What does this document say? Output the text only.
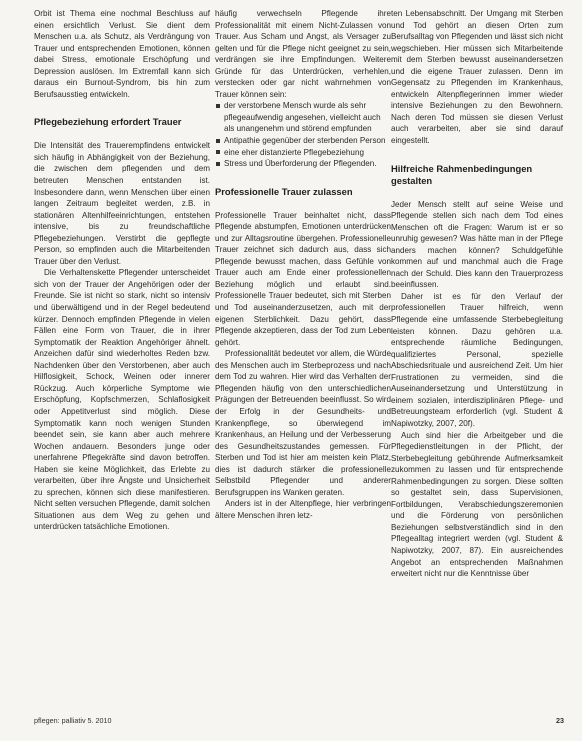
Orbit ist Thema eine nochmal Beschluss auf einen ersichtlich Verlust. Sie dient dem Menschen u.a. als Schutz, als Verdrängung von Trauer und entsprechenden Emotionen, können dabei Stress, emotionale Erschöpfung und Depression auslösen. Im Extremfall kann sich daraus ein Burnout-Syndrom, bis hin zum Berufsausstieg entwickeln.

Pflegebeziehung erfordert Trauer

Die Intensität des Trauerempfindens entwickelt sich häufig in Abhängigkeit von der Beziehung, die zwischen dem pflegenden und dem betreuten Menschen entstanden ist. Insbesondere dann, wenn Menschen über einen langen Zeitraum begleitet werden, z.B. in stationären Altenhilfeeinrichtungen, entstehen intensive, bis zu freundschaftliche Pflegebeziehungen. Verstirbt die gepflegte Person, so empfinden auch die Mitarbeitenden Trauer über den Verlust.

Die Verhaltenskette Pflegender unterscheidet sich von der Trauer der Angehörigen oder der Freunde. Sie ist nicht so stark, nicht so intensiv und überwältigend und in der Regel bedeutend kürzer. Dennoch empfinden Pflegende in vielen Fällen eine Form von Trauer, die in ihrer Symptomatik der Reaktion Angehöriger ähnelt. Anzeichen dafür sind wiederholtes Reden bzw. Nachdenken über den Verstorbenen, aber auch Hilflosigkeit, Schock, Weinen oder innerer Rückzug. Auch körperliche Symptome wie Erschöpfung, Kopfschmerzen, Schlaflosigkeit oder Appetitverlust sind möglich. Diese Symptomatik kann noch wenigen Stunden beendet sein, sie kann aber auch mehrere Wochen andauern. Besonders junge oder unerfahrene Pflegekräfte sind davon betroffen. Haben sie keine Möglichkeit, das Erlebte zu verarbeiten, über ihre Ängste und Unsicherheit zu sprechen, können sich diese manifestieren. Nicht selten versuchen Pflegende, damit solchen Situationen aus dem Weg zu gehen und unterdrücken tatsächliche Emotionen.

häufig verwechseln Pflegende ihre Professionalität mit einem Nicht-Zulassen von Trauer. Aus Scham und Angst, als Versager zu gelten und für die Pflege nicht geeignet zu sein, verdrängen sie ihre Empfindungen. Weitere Gründe für das Unterdrücken, verhehlen, verstecken oder gar nicht wahrnehmen von Trauer können sein:

der verstorbene Mensch wurde als sehr pflegeaufwendig angesehen, vielleicht auch als unangenehm und störend empfunden
Antipathie gegenüber der sterbenden Person
eine eher distanzierte Pflegebeziehung
Stress und Überforderung der Pflegenden.

Professionelle Trauer zulassen

Professionelle Trauer beinhaltet nicht, dass Pflegende abstumpfen, Emotionen unterdrücken und zur Alltagsroutine übergehen. Professionelle Trauer zeichnet sich dadurch aus, dass sich Pflegende bewusst machen, dass Gefühle von Trauer auch am Ende einer professionellen Beziehung möglich und erlaubt sind. Professionelle Trauer bedeutet, sich mit Sterben und Tod auseinanderzusetzen, auch mit der eigenen Sterblichkeit. Dazu gehört, dass Pflegende akzeptieren, dass der Tod zum Leben gehört.

Professionalität bedeutet vor allem, die Würde des Menschen auch im Sterbeprozess und nach dem Tod zu wahren. Hier wird das Verhalten der Pflegenden häufig von den unterschiedlichen Prägungen der Betreuenden beeinflusst. So wird der Erfolg in der Gesundheits- und Krankenpflege, so überwiegend im Krankenhaus, an Heilung und der Verbesserung des Gesundheitszustandes gemessen. Für Sterben und Tod ist hier am meisten kein Platz, dies ist dadurch stärker die professionelle Selbstbild Pflegender und anderer Berufsgruppen ins Wanken geraten.

Anders ist in der Altenpflege, hier verbringen ältere Menschen ihren letz-

ten Lebensabschnitt. Der Umgang mit Sterben und Tod gehört an diesen Orten zum Berufsalltag von Pflegenden und lässt sich nicht wegschieben. Hier müssen sich Mitarbeitende mit dem Sterben bewusst auseinandersetzen und die eigene Trauer zulassen. Denn im Gegensatz zu Pflegenden im Krankenhaus, entwickeln Altenpflegerinnen immer wieder intensive Beziehungen zu den Bewohnern. Nach deren Tod müssen sie diesen Verlust auch verarbeiten, aber sie sind darauf eingestellt.

Hilfreiche Rahmenbedingungen gestalten

Jeder Mensch stellt auf seine Weise und Pflegende stellen sich nach dem Tod eines Menschen oft die Fragen: Warum ist er so unruhig gewesen? Was hätte man in der Pflege anders machen können? Schuldgefühle kommen auf und manchmal auch die Frage nach der Schuld. Dies kann den Trauerprozess beeinflussen.

Daher ist es für den Verlauf der professionellen Trauer hilfreich, wenn Pflegende eine umfassende Sterbebegleitung leisten können. Dazu gehören u.a. entsprechende räumliche Bedingungen, qualifiziertes Personal, spezielle Abschiedsrituale und ausreichend Zeit. Um hier Frustrationen zu vermeiden, sind die Auseinandersetzung und Unterstützung in einem sozialen, interdisziplinären Pflege- und Betreuungsteam erforderlich (vgl. Student & Napiwotzky, 2007, 20f).

Auch sind hier die Arbeitgeber und die Pflegedienstleitungen in der Pflicht, der Sterbebegleitung gebührende Aufmerksamkeit zukommen zu lassen und für entsprechende Rahmenbedingungen zu sorgen. Diese sollten so gestaltet sein, dass Supervisionen, Fortbildungen, Verabschiedungszeremonien und die Förderung von persönlichen Beziehungen selbstverständlich sind in den Pflegealltag integriert werden (vgl. Student & Napiwotzky, 2007, 87). Ein ausreichendes Angebot an entsprechenden Maßnahmen erweitert nicht nur die Kenntnisse über

pflegen: palliativ 5. 2010	23
